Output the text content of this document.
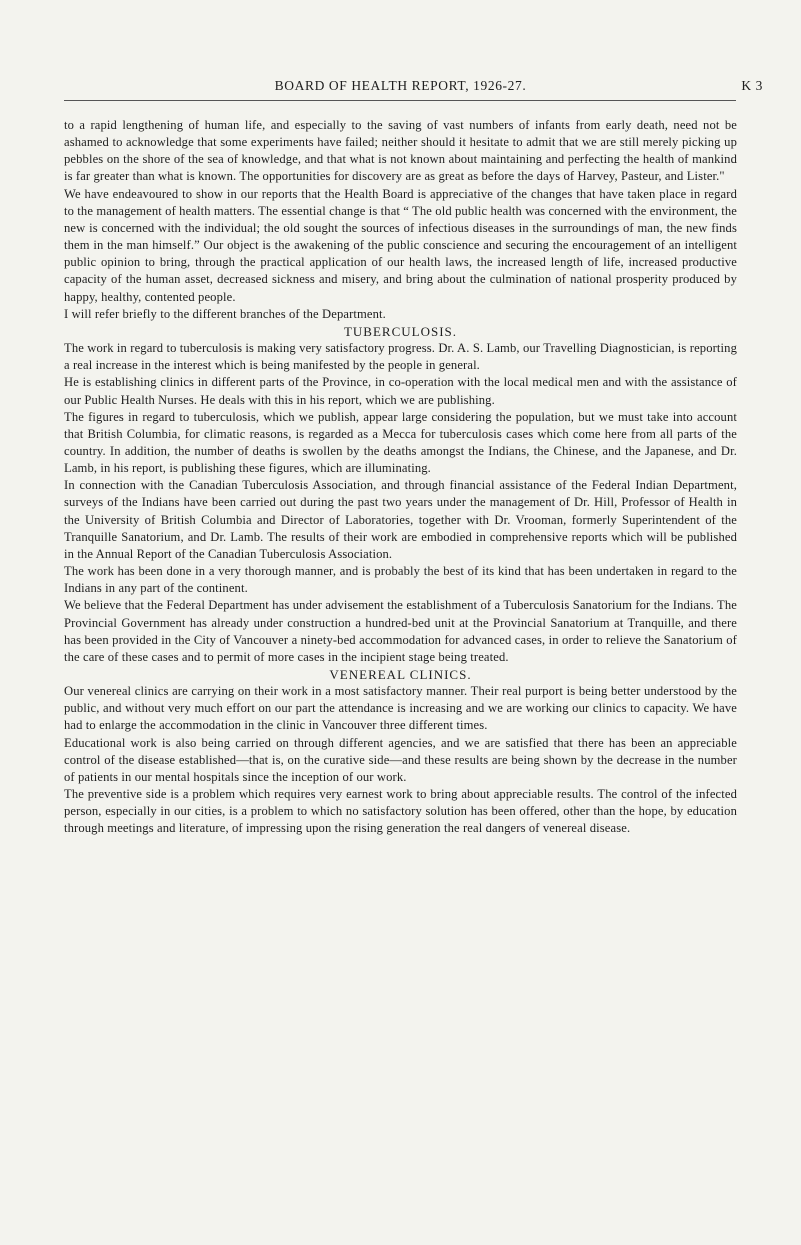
BOARD OF HEALTH REPORT, 1926-27.	K 3

to a rapid lengthening of human life, and especially to the saving of vast numbers of infants from early death, need not be ashamed to acknowledge that some experiments have failed; neither should it hesitate to admit that we are still merely picking up pebbles on the shore of the sea of knowledge, and that what is not known about maintaining and perfecting the health of mankind is far greater than what is known. The opportunities for discovery are as great as before the days of Harvey, Pasteur, and Lister."

We have endeavoured to show in our reports that the Health Board is appreciative of the changes that have taken place in regard to the management of health matters. The essential change is that “ The old public health was concerned with the environment, the new is concerned with the individual; the old sought the sources of infectious diseases in the surroundings of man, the new finds them in the man himself.” Our object is the awakening of the public conscience and securing the encouragement of an intelligent public opinion to bring, through the practical application of our health laws, the increased length of life, increased productive capacity of the human asset, decreased sickness and misery, and bring about the culmination of national prosperity produced by happy, healthy, contented people.

I will refer briefly to the different branches of the Department.

TUBERCULOSIS.

The work in regard to tuberculosis is making very satisfactory progress. Dr. A. S. Lamb, our Travelling Diagnostician, is reporting a real increase in the interest which is being manifested by the people in general.

He is establishing clinics in different parts of the Province, in co-operation with the local medical men and with the assistance of our Public Health Nurses. He deals with this in his report, which we are publishing.

The figures in regard to tuberculosis, which we publish, appear large considering the population, but we must take into account that British Columbia, for climatic reasons, is regarded as a Mecca for tuberculosis cases which come here from all parts of the country. In addition, the number of deaths is swollen by the deaths amongst the Indians, the Chinese, and the Japanese, and Dr. Lamb, in his report, is publishing these figures, which are illuminating.

In connection with the Canadian Tuberculosis Association, and through financial assistance of the Federal Indian Department, surveys of the Indians have been carried out during the past two years under the management of Dr. Hill, Professor of Health in the University of British Columbia and Director of Laboratories, together with Dr. Vrooman, formerly Superintendent of the Tranquille Sanatorium, and Dr. Lamb. The results of their work are embodied in comprehensive reports which will be published in the Annual Report of the Canadian Tuberculosis Association.

The work has been done in a very thorough manner, and is probably the best of its kind that has been undertaken in regard to the Indians in any part of the continent.

We believe that the Federal Department has under advisement the establishment of a Tuberculosis Sanatorium for the Indians. The Provincial Government has already under construction a hundred-bed unit at the Provincial Sanatorium at Tranquille, and there has been provided in the City of Vancouver a ninety-bed accommodation for advanced cases, in order to relieve the Sanatorium of the care of these cases and to permit of more cases in the incipient stage being treated.

VENEREAL CLINICS.

Our venereal clinics are carrying on their work in a most satisfactory manner. Their real purport is being better understood by the public, and without very much effort on our part the attendance is increasing and we are working our clinics to capacity. We have had to enlarge the accommodation in the clinic in Vancouver three different times.

Educational work is also being carried on through different agencies, and we are satisfied that there has been an appreciable control of the disease established—that is, on the curative side—and these results are being shown by the decrease in the number of patients in our mental hospitals since the inception of our work.

The preventive side is a problem which requires very earnest work to bring about appreciable results. The control of the infected person, especially in our cities, is a problem to which no satisfactory solution has been offered, other than the hope, by education through meetings and literature, of impressing upon the rising generation the real dangers of venereal disease.
